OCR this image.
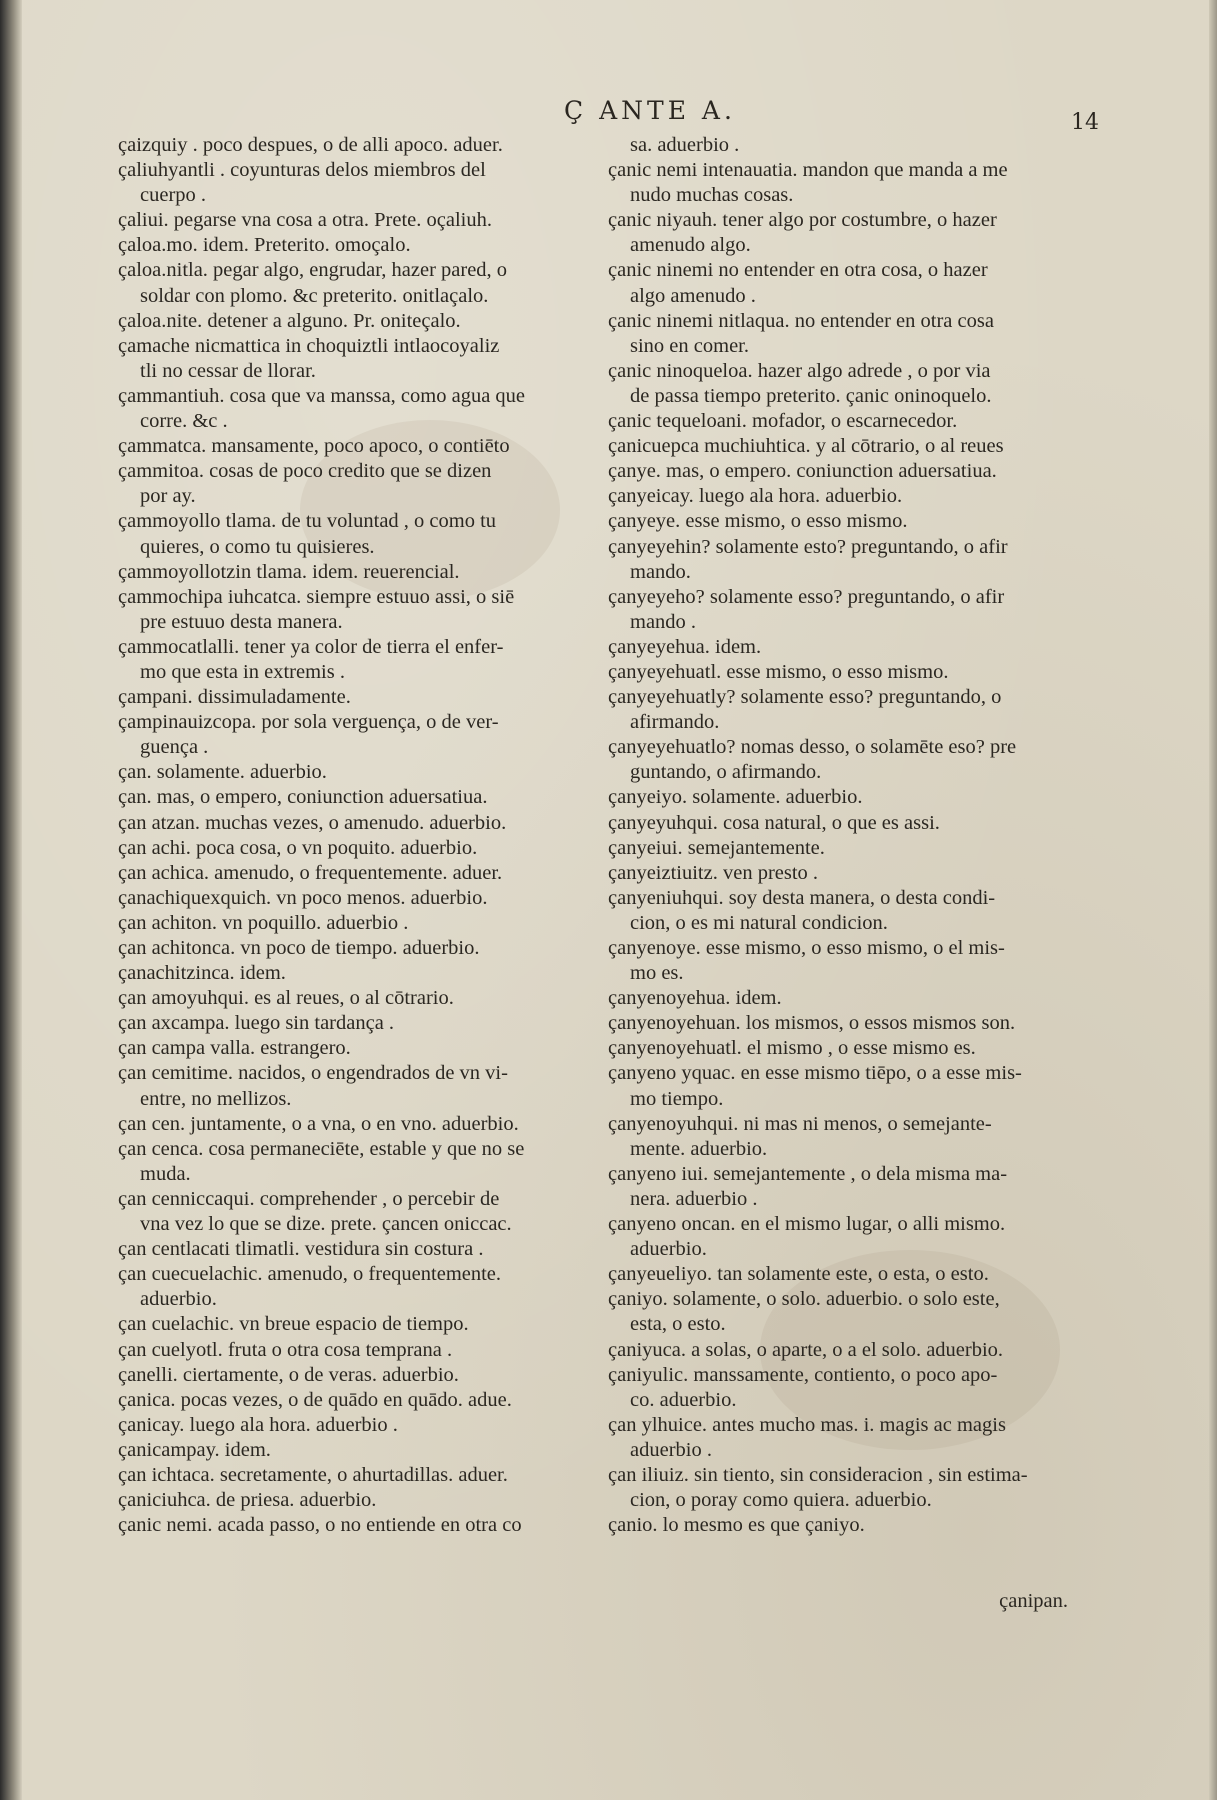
Ç ANTE A.	14
çaizquiy . poco despues, o de alli apoco. aduer.
çaliuhyantli . coyunturas delos miembros del
cuerpo .
çaliui. pegarse vna cosa a otra. Prete. oçaliuh.
çaloa.mo. idem. Preterito. omoçalo.
çaloa.nitla. pegar algo, engrudar, hazer pared, o
soldar con plomo. &c preterito. onitlaçalo.
çaloa.nite. detener a alguno. Pr. oniteçalo.
çamache nicmattica in choquiztli intlaocoyaliz
tli no cessar de llorar.
çammantiuh. cosa que va manssa, como agua que
corre. &c .
çammatca. mansamente, poco apoco, o contiēto
çammitoa. cosas de poco credito que se dizen
por ay.
çammoyollo tlama. de tu voluntad , o como tu
quieres, o como tu quisieres.
çammoyollotzin tlama. idem. reuerencial.
çammochipa iuhcatca. siempre estuuo assi, o siē
pre estuuo desta manera.
çammocatlalli. tener ya color de tierra el enfer-
mo que esta in extremis .
çampani. dissimuladamente.
çampinauizcopa. por sola verguença, o de ver-
guença .
çan. solamente. aduerbio.
çan. mas, o empero, coniunction aduersatiua.
çan atzan. muchas vezes, o amenudo. aduerbio.
çan achi. poca cosa, o vn poquito. aduerbio.
çan achica. amenudo, o frequentemente. aduer.
çanachiquexquich. vn poco menos. aduerbio.
çan achiton. vn poquillo. aduerbio .
çan achitonca. vn poco de tiempo. aduerbio.
çanachitzinca. idem.
çan amoyuhqui. es al reues, o al cōtrario.
çan axcampa. luego sin tardança .
çan campa valla. estrangero.
çan cemitime. nacidos, o engendrados de vn vi-
entre, no mellizos.
çan cen. juntamente, o a vna, o en vno. aduerbio.
çan cenca. cosa permaneciēte, estable y que no se
muda.
çan cenniccaqui. comprehender , o percebir de
vna vez lo que se dize. prete. çancen oniccac.
çan centlacati tlimatli. vestidura sin costura .
çan cuecuelachic. amenudo, o frequentemente.
aduerbio.
çan cuelachic. vn breue espacio de tiempo.
çan cuelyotl. fruta o otra cosa temprana .
çanelli. ciertamente, o de veras. aduerbio.
çanica. pocas vezes, o de quādo en quādo. adue.
çanicay. luego ala hora. aduerbio .
çanicampay. idem.
çan ichtaca. secretamente, o ahurtadillas. aduer.
çaniciuhca. de priesa. aduerbio.
çanic nemi. acada passo, o no entiende en otra co
sa. aduerbio .
çanic nemi intenauatia. mandon que manda a me
nudo muchas cosas.
çanic niyauh. tener algo por costumbre, o hazer
amenudo algo.
çanic ninemi no entender en otra cosa, o hazer
algo amenudo .
çanic ninemi nitlaqua. no entender en otra cosa
sino en comer.
çanic ninoqueloa. hazer algo adrede , o por via
de passa tiempo preterito. çanic oninoquelo.
çanic tequeloani. mofador, o escarnecedor.
çanicuepca muchiuhtica. y al cōtrario, o al reues
çanye. mas, o empero. coniunction aduersatiua.
çanyeicay. luego ala hora. aduerbio.
çanyeye. esse mismo, o esso mismo.
çanyeyehin? solamente esto? preguntando, o afir
mando.
çanyeyeho? solamente esso? preguntando, o afir
mando .
çanyeyehua. idem.
çanyeyehuatl. esse mismo, o esso mismo.
çanyeyehuatly? solamente esso? preguntando, o
afirmando.
çanyeyehuatlo? nomas desso, o solamēte eso? pre
guntando, o afirmando.
çanyeiyo. solamente. aduerbio.
çanyeyuhqui. cosa natural, o que es assi.
çanyeiui. semejantemente.
çanyeiztiuitz. ven presto .
çanyeniuhqui. soy desta manera, o desta condi-
cion, o es mi natural condicion.
çanyenoye. esse mismo, o esso mismo, o el mis-
mo es.
çanyenoyehua. idem.
çanyenoyehuan. los mismos, o essos mismos son.
çanyenoyehuatl. el mismo , o esse mismo es.
çanyeno yquac. en esse mismo tiēpo, o a esse mis-
mo tiempo.
çanyenoyuhqui. ni mas ni menos, o semejante-
mente. aduerbio.
çanyeno iui. semejantemente , o dela misma ma-
nera. aduerbio .
çanyeno oncan. en el mismo lugar, o alli mismo.
aduerbio.
çanyeueliyo. tan solamente este, o esta, o esto.
çaniyo. solamente, o solo. aduerbio. o solo este,
esta, o esto.
çaniyuca. a solas, o aparte, o a el solo. aduerbio.
çaniyulic. manssamente, contiento, o poco apo-
co. aduerbio.
çan ylhuice. antes mucho mas. i. magis ac magis
aduerbio .
çan iliuiz. sin tiento, sin consideracion , sin estima-
cion, o poray como quiera. aduerbio.
çanio. lo mesmo es que çaniyo.
çanipan.
